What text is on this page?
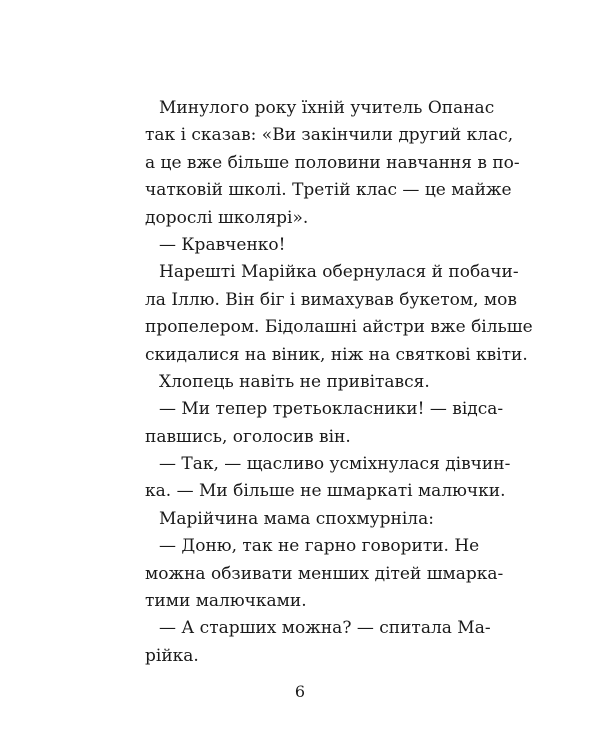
Минулого року їхній учитель Опанас
так і сказав: «Ви закінчили другий клас,
а це вже більше половини навчання в по-
чатковій школі. Третій клас — це майже
дорослі школярі».

— Кравченко!

Нарешті Марійка обернулася й побачи-
ла Іллю. Він біг і вимахував букетом, мов
пропелером. Бідолашні айстри вже більше
скидалися на віник, ніж на святкові квіти.

Хлопець навіть не привітався.

— Ми тепер третьокласники! — відса-
павшись, оголосив він.

— Так, — щасливо усміхнулася дівчин-
ка. — Ми більше не шмаркаті малючки.

Марійчина мама спохмурніла:

— Доню, так не гарно говорити. Не
можна обзивати менших дітей шмарка-
тими малючками.

— А старших можна? — спитала Ма-
рійка.

6
